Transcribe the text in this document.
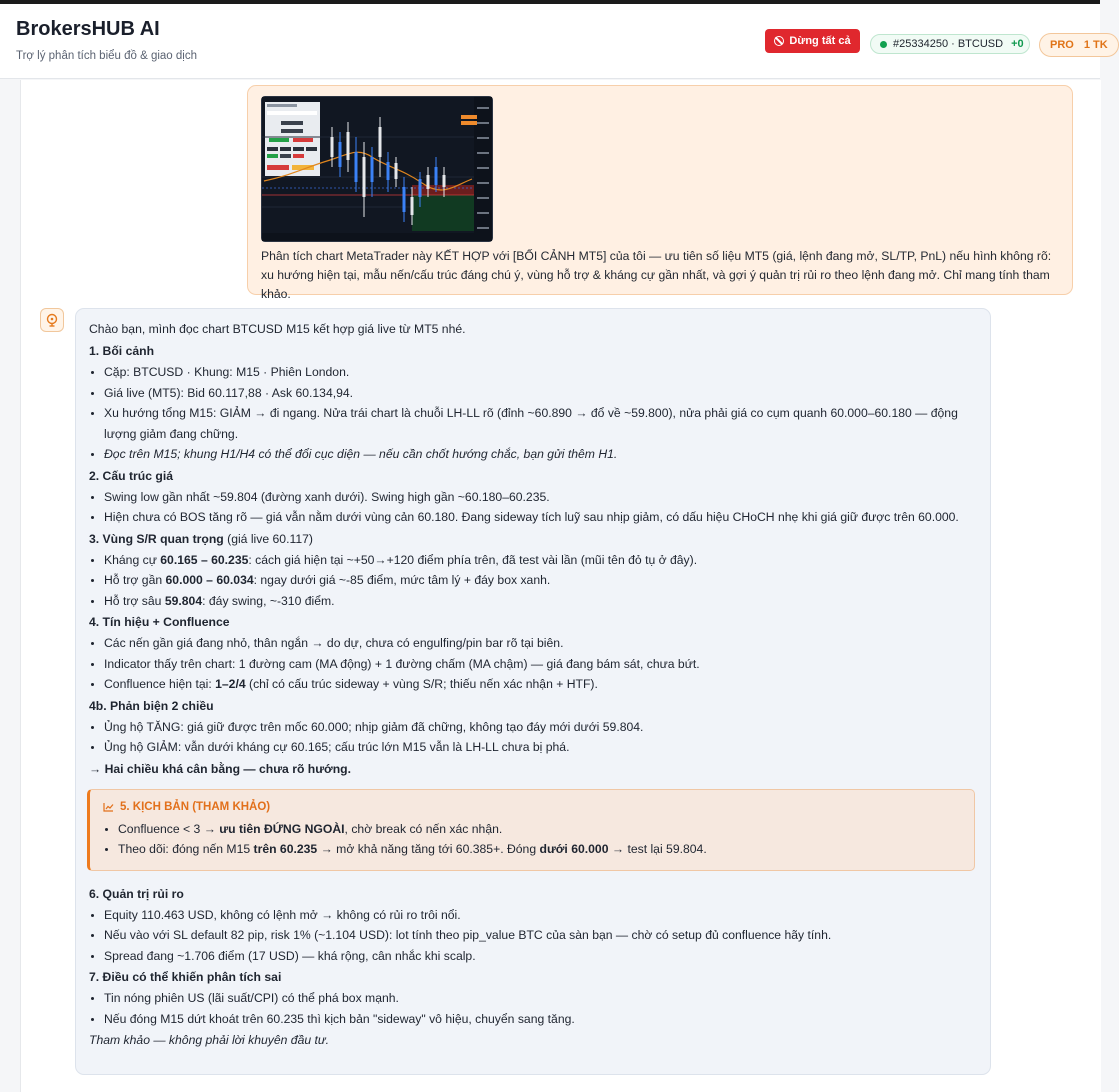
BrokersHUB AI
Trợ lý phân tích biểu đồ & giao dịch
Dừng tất cả	#25334250 · BTCUSD +0 PRO 1 TK
Phân tích chart MetaTrader này KẾT HỢP với [BỐI CẢNH MT5] của tôi — ưu tiên số liệu MT5 (giá, lệnh đang mở, SL/TP, PnL) nếu hình không rõ: xu hướng hiện tại, mẫu nến/cấu trúc đáng chú ý, vùng hỗ trợ & kháng cự gần nhất, và gợi ý quản trị rủi ro theo lệnh đang mở. Chỉ mang tính tham khảo.

Chào bạn, mình đọc chart BTCUSD M15 kết hợp giá live từ MT5 nhé.

1. Bối cảnh

• Cặp: BTCUSD · Khung: M15 · Phiên London.
• Giá live (MT5): Bid 60.117,88 · Ask 60.134,94.
• Xu hướng tổng M15: GIẢM → đi ngang. Nửa trái chart là chuỗi LH-LL rõ (đỉnh ~60.890 → đổ về ~59.800), nửa phải giá co cụm quanh 60.000–60.180 — động lượng giảm đang chững.
• Đọc trên M15; khung H1/H4 có thể đổi cục diện — nếu cần chốt hướng chắc, bạn gửi thêm H1.

2. Cấu trúc giá

• Swing low gần nhất ~59.804 (đường xanh dưới). Swing high gần ~60.180–60.235.
• Hiện chưa có BOS tăng rõ — giá vẫn nằm dưới vùng cản 60.180. Đang sideway tích luỹ sau nhịp giảm, có dấu hiệu CHoCH nhẹ khi giá giữ được trên 60.000.

3. Vùng S/R quan trọng (giá live 60.117)

• Kháng cự 60.165 – 60.235: cách giá hiện tại ~+50→+120 điểm phía trên, đã test vài lần (mũi tên đỏ tụ ở đây).
• Hỗ trợ gần 60.000 – 60.034: ngay dưới giá ~-85 điểm, mức tâm lý + đáy box xanh.
• Hỗ trợ sâu 59.804: đáy swing, ~-310 điểm.

4. Tín hiệu + Confluence

• Các nến gần giá đang nhỏ, thân ngắn → do dự, chưa có engulfing/pin bar rõ tại biên.
• Indicator thấy trên chart: 1 đường cam (MA động) + 1 đường chấm (MA chậm) — giá đang bám sát, chưa bứt.
• Confluence hiện tại: 1–2/4 (chỉ có cấu trúc sideway + vùng S/R; thiếu nến xác nhận + HTF).

4b. Phản biện 2 chiều

• Ủng hộ TĂNG: giá giữ được trên mốc 60.000; nhịp giảm đã chững, không tạo đáy mới dưới 59.804.
• Ủng hộ GIẢM: vẫn dưới kháng cự 60.165; cấu trúc lớn M15 vẫn là LH-LL chưa bị phá.

→ Hai chiều khá cân bằng — chưa rõ hướng.

5. KỊCH BẢN (THAM KHẢO)
• Confluence < 3 → ưu tiên ĐỨNG NGOÀI, chờ break có nến xác nhận.
• Theo dõi: đóng nến M15 trên 60.235 → mở khả năng tăng tới 60.385+. Đóng dưới 60.000 → test lại 59.804.

6. Quản trị rủi ro

• Equity 110.463 USD, không có lệnh mở → không có rủi ro trôi nổi.
• Nếu vào với SL default 82 pip, risk 1% (~1.104 USD): lot tính theo pip_value BTC của sàn bạn — chờ có setup đủ confluence hãy tính.
• Spread đang ~1.706 điểm (17 USD) — khá rộng, cân nhắc khi scalp.

7. Điều có thể khiến phân tích sai

• Tin nóng phiên US (lãi suất/CPI) có thể phá box mạnh.
• Nếu đóng M15 dứt khoát trên 60.235 thì kịch bản "sideway" vô hiệu, chuyển sang tăng.

Tham khảo — không phải lời khuyên đầu tư.
